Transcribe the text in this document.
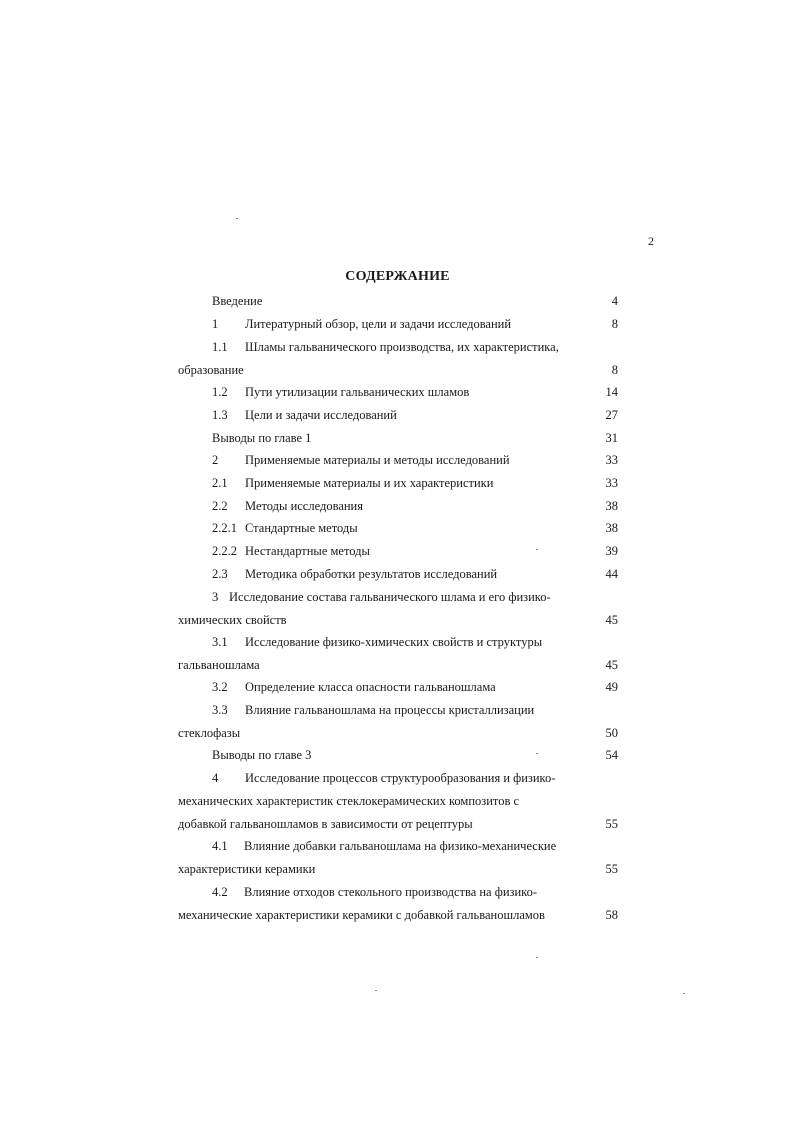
2
СОДЕРЖАНИЕ
Введение	4
1 Литературный обзор, цели и задачи исследований	8
1.1 Шламы гальванического производства, их характеристика,
образование	8
1.2 Пути утилизации гальванических шламов	14
1.3 Цели и задачи исследований	27
Выводы по главе 1	31
2 Применяемые материалы и методы исследований	33
2.1 Применяемые материалы и их характеристики	33
2.2 Методы исследования	38
2.2.1 Стандартные методы	38
2.2.2 Нестандартные методы	39
2.3 Методика обработки результатов исследований	44
3 Исследование состава гальванического шлама и его физико-
химических свойств	45
3.1 Исследование физико-химических свойств и структуры
гальваношлама	45
3.2 Определение класса опасности гальваношлама	49
3.3 Влияние гальваношлама на процессы кристаллизации
стеклофазы	50
Выводы по главе 3	54
4 Исследование процессов структурообразования и физико-
механических характеристик стеклокерамических композитов с
добавкой гальваношламов в зависимости от рецептуры	55
4.1 Влияние добавки гальваношлама на физико-механические
характеристики керамики	55
4.2 Влияние отходов стекольного производства на физико-
механические характеристики керамики с добавкой гальваношламов	58
